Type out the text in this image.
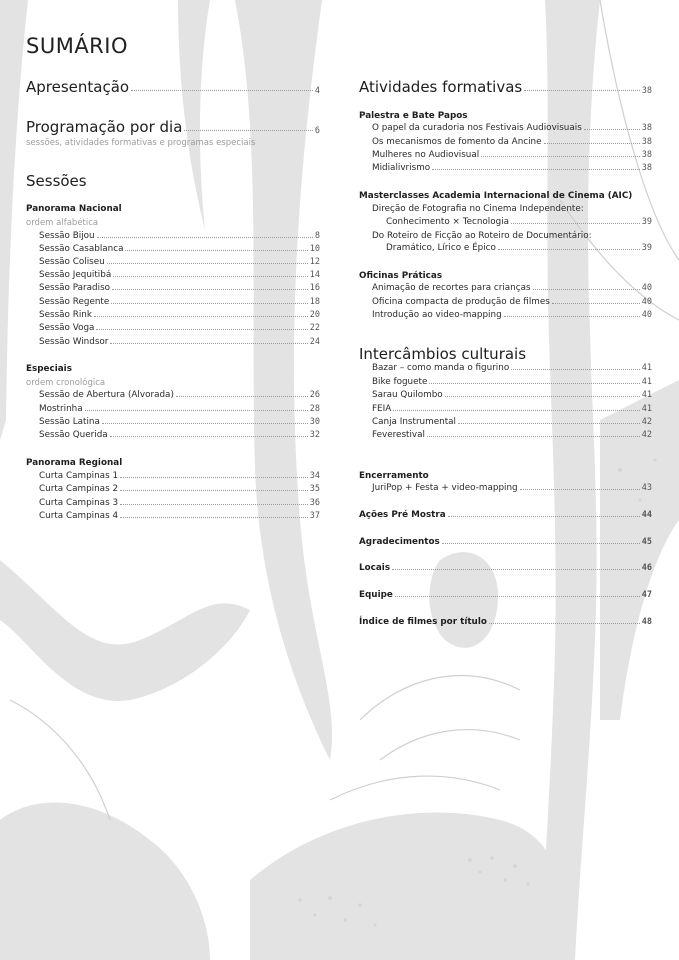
SUMÁRIO
Apresentação	4
Programação por dia	6
sessões, atividades formativas e programas especiais
Sessões
Panorama Nacional
ordem alfabética
Sessão Bijou	8
Sessão Casablanca	10
Sessão Coliseu	12
Sessão Jequitibá	14
Sessão Paradiso	16
Sessão Regente	18
Sessão Rink	20
Sessão Voga	22
Sessão Windsor	24
Especiais
ordem cronológica
Sessão de Abertura (Alvorada)	26
Mostrinha	28
Sessão Latina	30
Sessão Querida	32
Panorama Regional
Curta Campinas 1	34
Curta Campinas 2	35
Curta Campinas 3	36
Curta Campinas 4	37
Atividades formativas	38
Palestra e Bate Papos
O papel da curadoria nos Festivais Audiovisuais	38
Os mecanismos de fomento da Ancine	38
Mulheres no Audiovisual	38
Midialivrismo	38
Masterclasses Academia Internacional de Cinema (AIC)
Direção de Fotografia no Cinema Independente:
Conhecimento × Tecnologia	39
Do Roteiro de Ficção ao Roteiro de Documentário:
Dramático, Lírico e Épico	39
Oficinas Práticas
Animação de recortes para crianças	40
Oficina compacta de produção de filmes	40
Introdução ao video-mapping	40
Intercâmbios culturais
Bazar – como manda o figurino	41
Bike foguete	41
Sarau Quilombo	41
FEIA	41
Canja Instrumental	42
Feverestival	42
Encerramento
JuriPop + Festa + video-mapping	43
Ações Pré Mostra	44
Agradecimentos	45
Locais	46
Equipe	47
Índice de filmes por título	48
